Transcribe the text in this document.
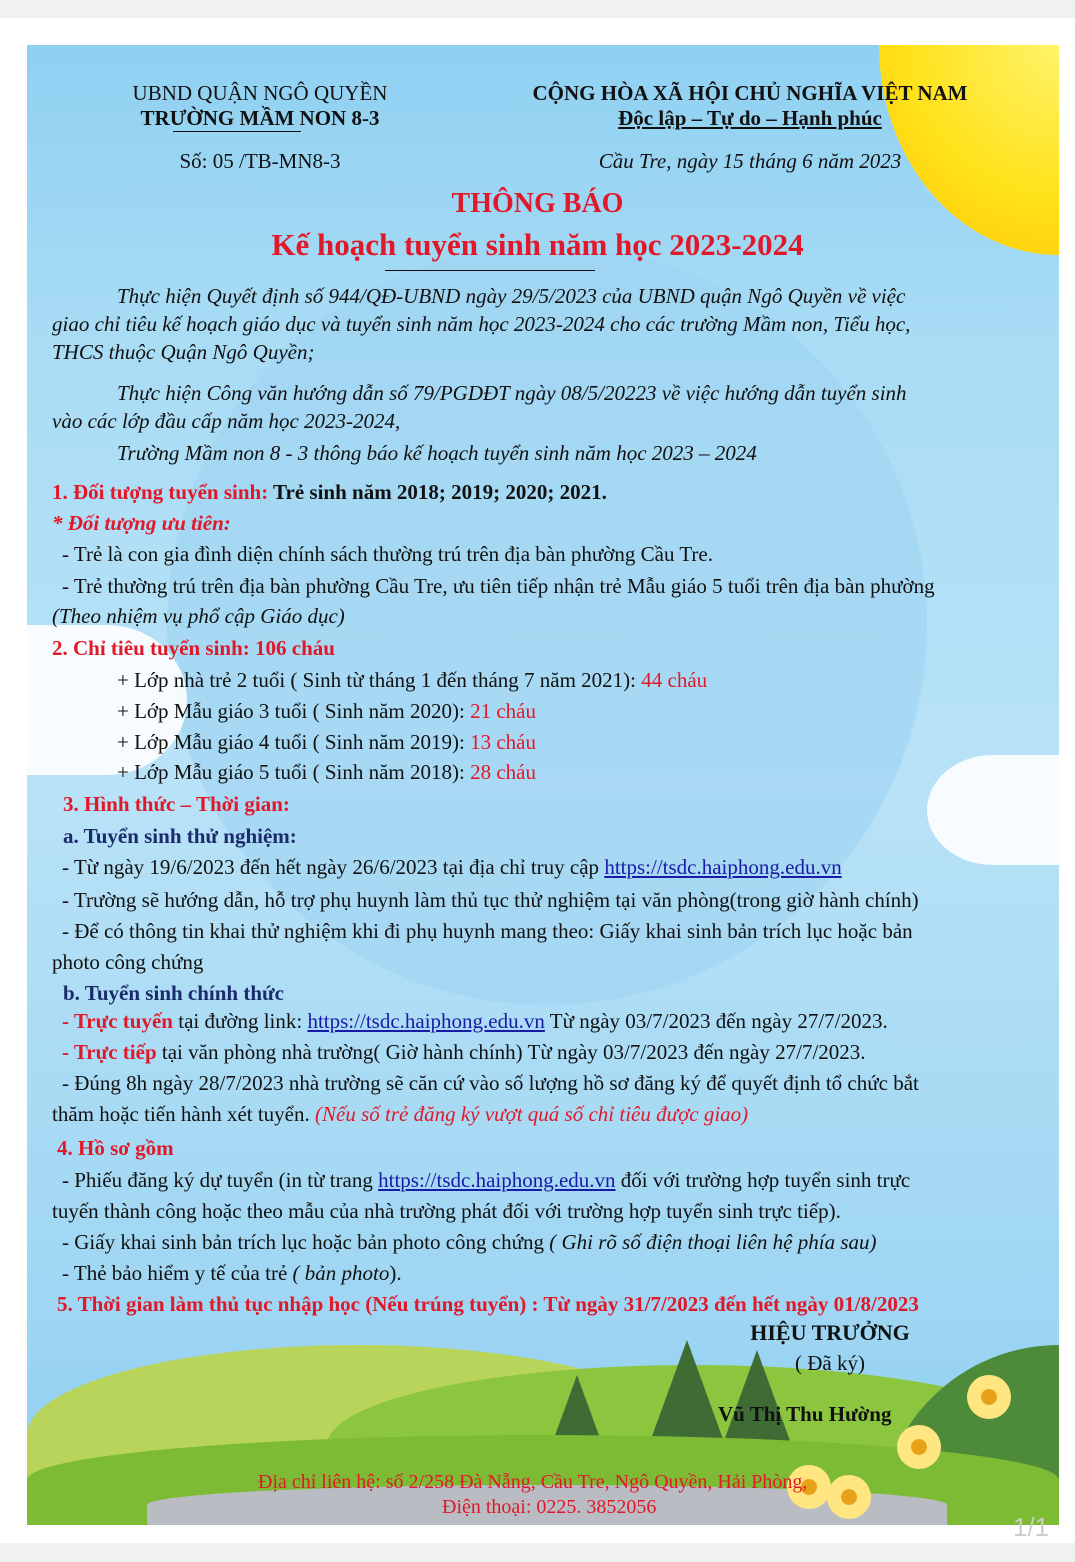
UBND QUẬN NGÔ QUYỀN
TRƯỜNG MẦM NON 8-3
Số: 05 /TB-MN8-3
CỘNG HÒA XÃ HỘI CHỦ NGHĨA VIỆT NAM
Độc lập – Tự do – Hạnh phúc
Cầu Tre, ngày 15 tháng 6 năm 2023
THÔNG BÁO
Kế hoạch tuyển sinh năm học 2023-2024
Thực hiện Quyết định số 944/QĐ-UBND ngày 29/5/2023 của UBND quận Ngô Quyền về việc
giao chỉ tiêu kế hoạch giáo dục và tuyển sinh năm học 2023-2024 cho các trường Mầm non, Tiểu học,
THCS thuộc Quận Ngô Quyền;
Thực hiện Công văn hướng dẫn số 79/PGDĐT ngày 08/5/20223 về việc hướng dẫn tuyển sinh
vào các lớp đầu cấp năm học 2023-2024,
Trường Mầm non 8 - 3 thông báo kế hoạch tuyển sinh năm học 2023 – 2024
1. Đối tượng tuyển sinh: Trẻ sinh năm 2018; 2019; 2020; 2021.
* Đối tượng ưu tiên:
- Trẻ là con gia đình diện chính sách thường trú trên địa bàn phường Cầu Tre.
- Trẻ thường trú trên địa bàn phường Cầu Tre, ưu tiên tiếp nhận trẻ Mẫu giáo 5 tuổi trên địa bàn phường
(Theo nhiệm vụ phổ cập Giáo dục)
2. Chỉ tiêu tuyển sinh: 106 cháu
+ Lớp nhà trẻ 2 tuổi ( Sinh từ tháng 1 đến tháng 7 năm 2021): 44 cháu
+ Lớp Mẫu giáo 3 tuổi ( Sinh năm 2020): 21 cháu
+ Lớp Mẫu giáo 4 tuổi ( Sinh năm 2019): 13 cháu
+ Lớp Mẫu giáo 5 tuổi ( Sinh năm 2018): 28 cháu
3. Hình thức – Thời gian:
a. Tuyển sinh thử nghiệm:
- Từ ngày 19/6/2023 đến hết ngày 26/6/2023 tại địa chỉ truy cập https://tsdc.haiphong.edu.vn
- Trường sẽ hướng dẫn, hỗ trợ phụ huynh làm thủ tục thử nghiệm tại văn phòng(trong giờ hành chính)
- Để có thông tin khai thử nghiệm khi đi phụ huynh mang theo: Giấy khai sinh bản trích lục hoặc bản
photo công chứng
b. Tuyển sinh chính thức
- Trực tuyến tại đường link: https://tsdc.haiphong.edu.vn Từ ngày 03/7/2023 đến ngày 27/7/2023.
- Trực tiếp tại văn phòng nhà trường( Giờ hành chính) Từ ngày 03/7/2023 đến ngày 27/7/2023.
- Đúng 8h ngày 28/7/2023 nhà trường sẽ căn cứ vào số lượng hồ sơ đăng ký để quyết định tổ chức bắt
thăm hoặc tiến hành xét tuyển. (Nếu số trẻ đăng ký vượt quá số chỉ tiêu được giao)
4. Hồ sơ gồm
- Phiếu đăng ký dự tuyển (in từ trang https://tsdc.haiphong.edu.vn đối với trường hợp tuyển sinh trực
tuyến thành công hoặc theo mẫu của nhà trường phát đối với trường hợp tuyển sinh trực tiếp).
- Giấy khai sinh bản trích lục hoặc bản photo công chứng ( Ghi rõ số điện thoại liên hệ phía sau)
- Thẻ bảo hiểm y tế của trẻ ( bản photo).
5. Thời gian làm thủ tục nhập học (Nếu trúng tuyển) : Từ ngày 31/7/2023 đến hết ngày 01/8/2023
HIỆU TRƯỞNG
( Đã ký)
Vũ Thị Thu Hường
Địa chỉ liên hệ: số 2/258 Đà Nẵng, Cầu Tre, Ngô Quyền, Hải Phòng,
Điện thoại: 0225. 3852056
1/1
